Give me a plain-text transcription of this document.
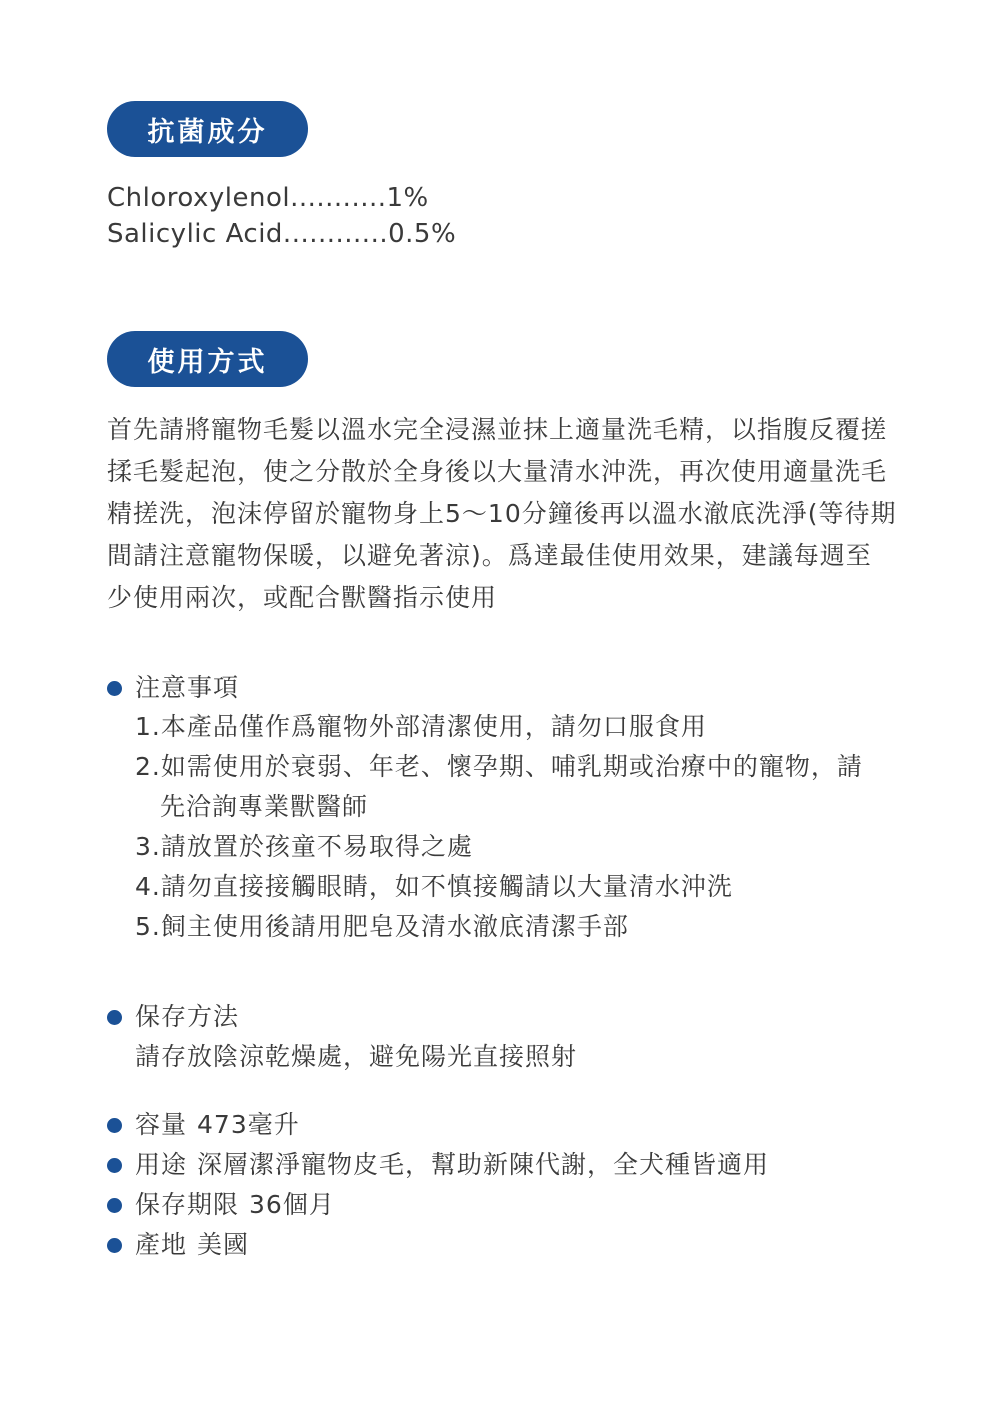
抗菌成分
Chloroxylenol...........1%
Salicylic Acid............0.5%
使用方式
首先請將寵物毛髮以溫水完全浸濕並抹上適量洗毛精，以指腹反覆搓
揉毛髮起泡，使之分散於全身後以大量清水沖洗，再次使用適量洗毛
精搓洗，泡沫停留於寵物身上5～10分鐘後再以溫水澈底洗淨(等待期
間請注意寵物保暖，以避免著涼)。爲達最佳使用效果，建議每週至
少使用兩次，或配合獸醫指示使用
注意事項
1.本產品僅作爲寵物外部清潔使用，請勿口服食用
2.如需使用於衰弱、年老、懷孕期、哺乳期或治療中的寵物，請
先洽詢專業獸醫師
3.請放置於孩童不易取得之處
4.請勿直接接觸眼睛，如不慎接觸請以大量清水沖洗
5.飼主使用後請用肥皂及清水澈底清潔手部
保存方法
請存放陰涼乾燥處，避免陽光直接照射
容量 473毫升
用途 深層潔淨寵物皮毛，幫助新陳代謝，全犬種皆適用
保存期限 36個月
產地 美國
